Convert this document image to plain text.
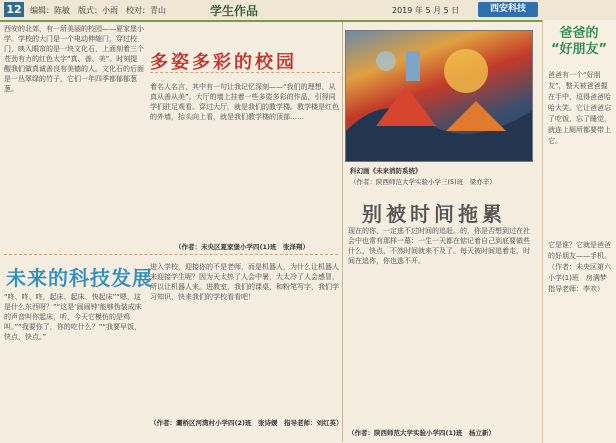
12 编辑：陈敏　版式：小雨　校对：青山	学生作品	2019 年 5 月 5 日	西安科技
多姿多彩的校园
西安的北郊，有一所美丽的校园——夏家堡小学。学校的大门是一个电动伸缩门，穿过校门，映入眼帘的是一块文化石，上面刻着三个苍劲有力的红色大字“真、善、美”。时刻提醒我们做真诚善良有美德的人。文化石的后面是一丛翠绿的竹子，它们一年四季都郁郁葱葱。	着名人名言，其中有一句让我记忆深刻——“我们的理想，从真从善从美”。大厅的墙上挂着一些多姿多彩的作品，引得同学们驻足观看。穿过大厅，就是我们的教学楼。教学楼是红色的外墙，抬头向上看，就是我们教学楼的顶部……
（作者：未央区夏家堡小学四(1)班　张泽翔）
未来的科技发展
“咚、咚、咚，起床、起床、快起床”“嗯，这是什么东西呀？”“这是‘闹闹钟’能够伪装成床的声音叫你起床，听，今天它模仿的是鸡叫。”“我要你了，你的吃什么？”“我要早饭，快点，快点。”
进入学校，迎接你的不是老师，而是机器人，为什么让机器人来迎接学生呢？因为天太热了人会中暑，大太冷了人会感冒，所以让机器人来。进教室，我们的课桌，和粉笔写字，我们学习知识，快来我们的学校看看吧！
（作者：灞桥区河湾村小学四(2)班　张诗媛　指导老师：刘红英）
科幻画《未来消防系统》
（作者：陕西师范大学实验小学三(5)班　梁亦辛）
别被时间拖累
现在的你，一定逃不过时间的追赶。的，你是否想到过在社会中也常有那样一幕：一生一天都在惦记着自己到底要做些什么，快点，不然时间就来不及了。每天被时间追着走，时间在追你，你也逃不开。
（作者：陕西师范大学实验小学四(1)班　杨立新）
爸爸的
“好朋友”
爸爸有一个“好朋友”，整天被爸爸握在手中，逗得爸爸哈哈大笑。它让爸爸忘了吃饭，忘了睡觉，就连上厕所都要带上它。
它是谁？它就是爸爸的好朋友——手机。（作者：未央区第六小学(1)班　房满梦　指导老师：李欢）
